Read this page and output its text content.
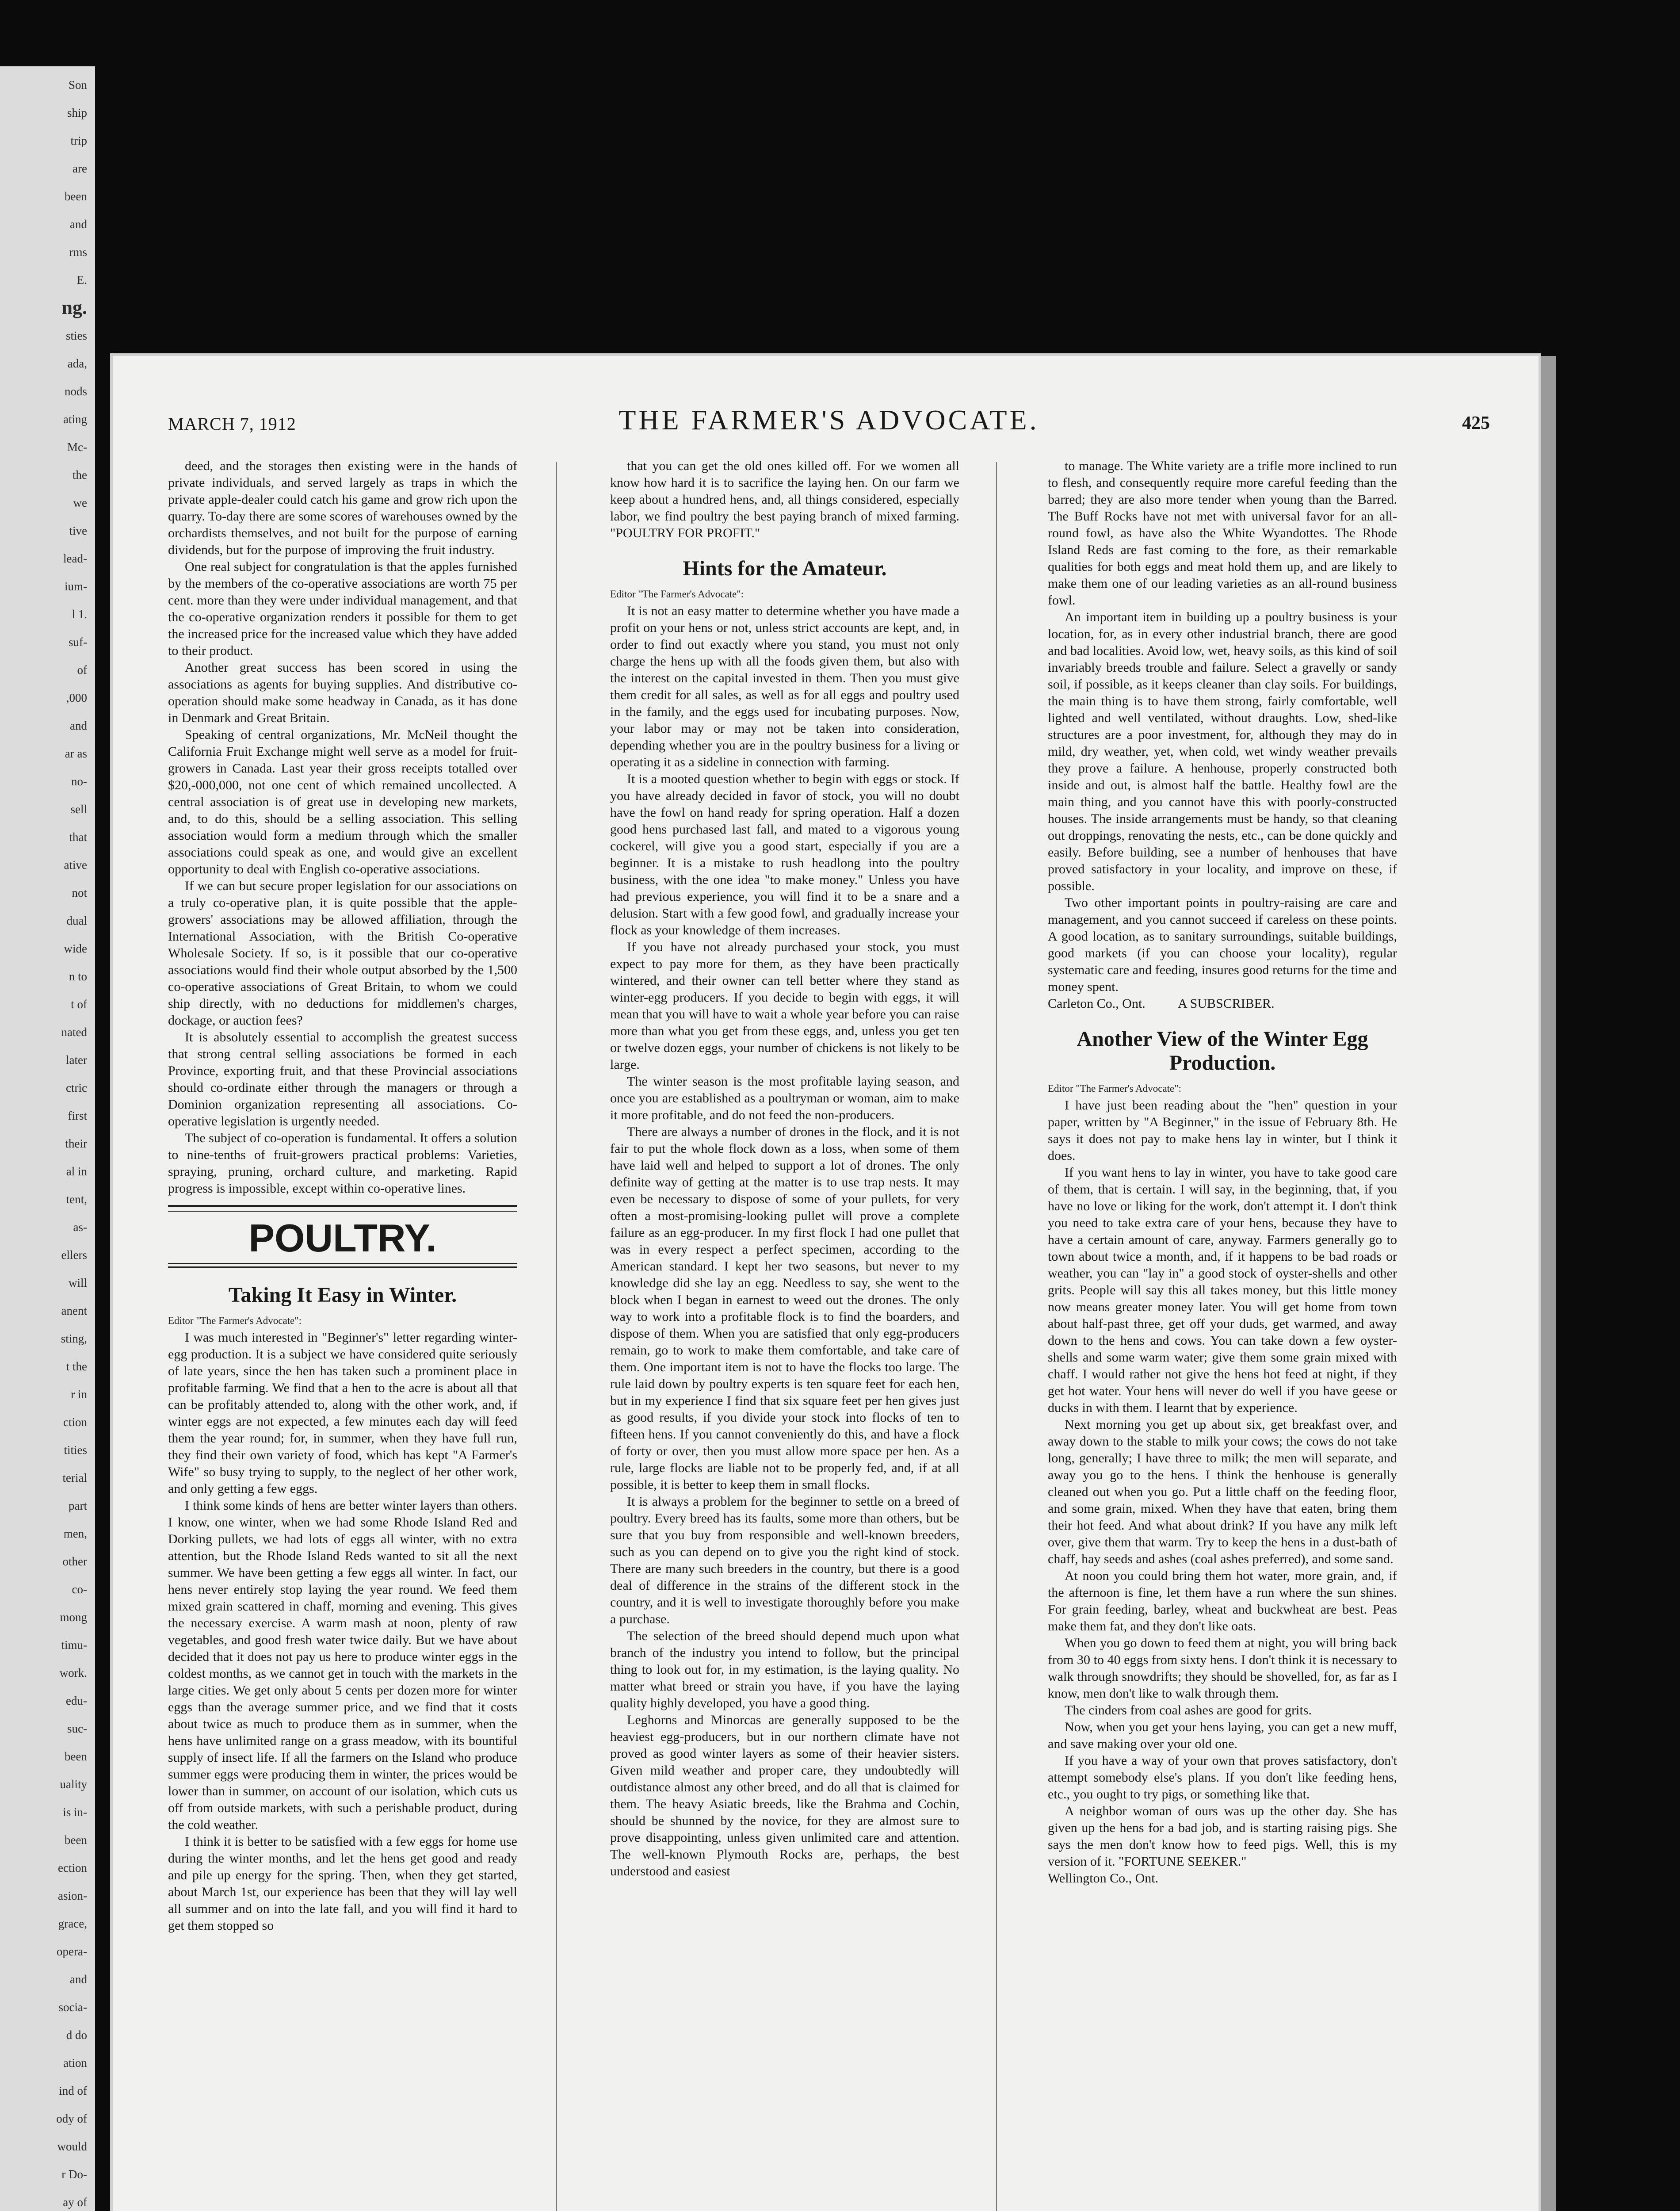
Son
ship
trip
are
been
and
rms
E.
ng.
sties
ada,
nods
ating
Mc-
the
we
tive
lead-
ium-
l 1.
suf-
of
,000
and
ar as
no-
sell
that
ative
not
dual
wide
n to
t of
nated
later
ctric
first
their
al in
tent,
as-
ellers
will
anent
sting,
t the
r in
ction
tities
terial
part
men,
other
co-
mong
timu-
work.
edu-
suc-
been
uality
is in-
been
ection
asion-
grace,
opera-
and
socia-
d do
ation
ind of
ody of
would
r Do-
ay of
MARCH 7, 1912	THE FARMER'S ADVOCATE.	425

deed, and the storages then existing were in the hands of private individuals, and served largely as traps in which the private apple-dealer could catch his game and grow rich upon the quarry. To-day there are some scores of warehouses owned by the orchardists themselves, and not built for the purpose of earning dividends, but for the purpose of improving the fruit industry.

One real subject for congratulation is that the apples furnished by the members of the co-operative associations are worth 75 per cent. more than they were under individual management, and that the co-operative organization renders it possible for them to get the increased price for the increased value which they have added to their product.

Another great success has been scored in using the associations as agents for buying supplies. And distributive co-operation should make some headway in Canada, as it has done in Denmark and Great Britain.

Speaking of central organizations, Mr. McNeil thought the California Fruit Exchange might well serve as a model for fruit-growers in Canada. Last year their gross receipts totalled over $20,-000,000, not one cent of which remained uncollected. A central association is of great use in developing new markets, and, to do this, should be a selling association. This selling association would form a medium through which the smaller associations could speak as one, and would give an excellent opportunity to deal with English co-operative associations.

If we can but secure proper legislation for our associations on a truly co-operative plan, it is quite possible that the apple-growers' associations may be allowed affiliation, through the International Association, with the British Co-operative Wholesale Society. If so, is it possible that our co-operative associations would find their whole output absorbed by the 1,500 co-operative associations of Great Britain, to whom we could ship directly, with no deductions for middlemen's charges, dockage, or auction fees?

It is absolutely essential to accomplish the greatest success that strong central selling associations be formed in each Province, exporting fruit, and that these Provincial associations should co-ordinate either through the managers or through a Dominion organization representing all associations. Co-operative legislation is urgently needed.

The subject of co-operation is fundamental. It offers a solution to nine-tenths of fruit-growers practical problems: Varieties, spraying, pruning, orchard culture, and marketing. Rapid progress is impossible, except within co-operative lines.

POULTRY.
Taking It Easy in Winter.

Editor "The Farmer's Advocate":

I was much interested in "Beginner's" letter regarding winter-egg production. It is a subject we have considered quite seriously of late years, since the hen has taken such a prominent place in profitable farming. We find that a hen to the acre is about all that can be profitably attended to, along with the other work, and, if winter eggs are not expected, a few minutes each day will feed them the year round; for, in summer, when they have full run, they find their own variety of food, which has kept "A Farmer's Wife" so busy trying to supply, to the neglect of her other work, and only getting a few eggs.

I think some kinds of hens are better winter layers than others. I know, one winter, when we had some Rhode Island Red and Dorking pullets, we had lots of eggs all winter, with no extra attention, but the Rhode Island Reds wanted to sit all the next summer. We have been getting a few eggs all winter. In fact, our hens never entirely stop laying the year round. We feed them mixed grain scattered in chaff, morning and evening. This gives the necessary exercise. A warm mash at noon, plenty of raw vegetables, and good fresh water twice daily. But we have about decided that it does not pay us here to produce winter eggs in the coldest months, as we cannot get in touch with the markets in the large cities. We get only about 5 cents per dozen more for winter eggs than the average summer price, and we find that it costs about twice as much to produce them as in summer, when the hens have unlimited range on a grass meadow, with its bountiful supply of insect life. If all the farmers on the Island who produce summer eggs were producing them in winter, the prices would be lower than in summer, on account of our isolation, which cuts us off from outside markets, with such a perishable product, during the cold weather.

I think it is better to be satisfied with a few eggs for home use during the winter months, and let the hens get good and ready and pile up energy for the spring. Then, when they get started, about March 1st, our experience has been that they will lay well all summer and on into the late fall, and you will find it hard to get them stopped so

that you can get the old ones killed off. For we women all know how hard it is to sacrifice the laying hen. On our farm we keep about a hundred hens, and, all things considered, especially labor, we find poultry the best paying branch of mixed farming. "POULTRY FOR PROFIT."

Hints for the Amateur.

Editor "The Farmer's Advocate":

It is not an easy matter to determine whether you have made a profit on your hens or not, unless strict accounts are kept, and, in order to find out exactly where you stand, you must not only charge the hens up with all the foods given them, but also with the interest on the capital invested in them. Then you must give them credit for all sales, as well as for all eggs and poultry used in the family, and the eggs used for incubating purposes. Now, your labor may or may not be taken into consideration, depending whether you are in the poultry business for a living or operating it as a sideline in connection with farming.

It is a mooted question whether to begin with eggs or stock. If you have already decided in favor of stock, you will no doubt have the fowl on hand ready for spring operation. Half a dozen good hens purchased last fall, and mated to a vigorous young cockerel, will give you a good start, especially if you are a beginner. It is a mistake to rush headlong into the poultry business, with the one idea "to make money." Unless you have had previous experience, you will find it to be a snare and a delusion. Start with a few good fowl, and gradually increase your flock as your knowledge of them increases.

If you have not already purchased your stock, you must expect to pay more for them, as they have been practically wintered, and their owner can tell better where they stand as winter-egg producers. If you decide to begin with eggs, it will mean that you will have to wait a whole year before you can raise more than what you get from these eggs, and, unless you get ten or twelve dozen eggs, your number of chickens is not likely to be large.

The winter season is the most profitable laying season, and once you are established as a poultryman or woman, aim to make it more profitable, and do not feed the non-producers.

There are always a number of drones in the flock, and it is not fair to put the whole flock down as a loss, when some of them have laid well and helped to support a lot of drones. The only definite way of getting at the matter is to use trap nests. It may even be necessary to dispose of some of your pullets, for very often a most-promising-looking pullet will prove a complete failure as an egg-producer. In my first flock I had one pullet that was in every respect a perfect specimen, according to the American standard. I kept her two seasons, but never to my knowledge did she lay an egg. Needless to say, she went to the block when I began in earnest to weed out the drones. The only way to work into a profitable flock is to find the boarders, and dispose of them. When you are satisfied that only egg-producers remain, go to work to make them comfortable, and take care of them. One important item is not to have the flocks too large. The rule laid down by poultry experts is ten square feet for each hen, but in my experience I find that six square feet per hen gives just as good results, if you divide your stock into flocks of ten to fifteen hens. If you cannot conveniently do this, and have a flock of forty or over, then you must allow more space per hen. As a rule, large flocks are liable not to be properly fed, and, if at all possible, it is better to keep them in small flocks.

It is always a problem for the beginner to settle on a breed of poultry. Every breed has its faults, some more than others, but be sure that you buy from responsible and well-known breeders, such as you can depend on to give you the right kind of stock. There are many such breeders in the country, but there is a good deal of difference in the strains of the different stock in the country, and it is well to investigate thoroughly before you make a purchase.

The selection of the breed should depend much upon what branch of the industry you intend to follow, but the principal thing to look out for, in my estimation, is the laying quality. No matter what breed or strain you have, if you have the laying quality highly developed, you have a good thing.

Leghorns and Minorcas are generally supposed to be the heaviest egg-producers, but in our northern climate have not proved as good winter layers as some of their heavier sisters. Given mild weather and proper care, they undoubtedly will outdistance almost any other breed, and do all that is claimed for them. The heavy Asiatic breeds, like the Brahma and Cochin, should be shunned by the novice, for they are almost sure to prove disappointing, unless given unlimited care and attention. The well-known Plymouth Rocks are, perhaps, the best understood and easiest

to manage. The White variety are a trifle more inclined to run to flesh, and consequently require more careful feeding than the barred; they are also more tender when young than the Barred. The Buff Rocks have not met with universal favor for an all-round fowl, as have also the White Wyandottes. The Rhode Island Reds are fast coming to the fore, as their remarkable qualities for both eggs and meat hold them up, and are likely to make them one of our leading varieties as an all-round business fowl.

An important item in building up a poultry business is your location, for, as in every other industrial branch, there are good and bad localities. Avoid low, wet, heavy soils, as this kind of soil invariably breeds trouble and failure. Select a gravelly or sandy soil, if possible, as it keeps cleaner than clay soils. For buildings, the main thing is to have them strong, fairly comfortable, well lighted and well ventilated, without draughts. Low, shed-like structures are a poor investment, for, although they may do in mild, dry weather, yet, when cold, wet windy weather prevails they prove a failure. A henhouse, properly constructed both inside and out, is almost half the battle. Healthy fowl are the main thing, and you cannot have this with poorly-constructed houses. The inside arrangements must be handy, so that cleaning out droppings, renovating the nests, etc., can be done quickly and easily. Before building, see a number of henhouses that have proved satisfactory in your locality, and improve on these, if possible.

Two other important points in poultry-raising are care and management, and you cannot succeed if careless on these points. A good location, as to sanitary surroundings, suitable buildings, good markets (if you can choose your locality), regular systematic care and feeding, insures good returns for the time and money spent.

Carleton Co., Ont.          A SUBSCRIBER.

Another View of the Winter Egg Production.

Editor "The Farmer's Advocate":

I have just been reading about the "hen" question in your paper, written by "A Beginner," in the issue of February 8th. He says it does not pay to make hens lay in winter, but I think it does.

If you want hens to lay in winter, you have to take good care of them, that is certain. I will say, in the beginning, that, if you have no love or liking for the work, don't attempt it. I don't think you need to take extra care of your hens, because they have to have a certain amount of care, anyway. Farmers generally go to town about twice a month, and, if it happens to be bad roads or weather, you can "lay in" a good stock of oyster-shells and other grits. People will say this all takes money, but this little money now means greater money later. You will get home from town about half-past three, get off your duds, get warmed, and away down to the hens and cows. You can take down a few oyster-shells and some warm water; give them some grain mixed with chaff. I would rather not give the hens hot feed at night, if they get hot water. Your hens will never do well if you have geese or ducks in with them. I learnt that by experience.

Next morning you get up about six, get breakfast over, and away down to the stable to milk your cows; the cows do not take long, generally; I have three to milk; the men will separate, and away you go to the hens. I think the henhouse is generally cleaned out when you go. Put a little chaff on the feeding floor, and some grain, mixed. When they have that eaten, bring them their hot feed. And what about drink? If you have any milk left over, give them that warm. Try to keep the hens in a dust-bath of chaff, hay seeds and ashes (coal ashes preferred), and some sand.

At noon you could bring them hot water, more grain, and, if the afternoon is fine, let them have a run where the sun shines. For grain feeding, barley, wheat and buckwheat are best. Peas make them fat, and they don't like oats.

When you go down to feed them at night, you will bring back from 30 to 40 eggs from sixty hens. I don't think it is necessary to walk through snowdrifts; they should be shovelled, for, as far as I know, men don't like to walk through them.

The cinders from coal ashes are good for grits.

Now, when you get your hens laying, you can get a new muff, and save making over your old one.

If you have a way of your own that proves satisfactory, don't attempt somebody else's plans. If you don't like feeding hens, etc., you ought to try pigs, or something like that.

A neighbor woman of ours was up the other day. She has given up the hens for a bad job, and is starting raising pigs. She says the men don't know how to feed pigs. Well, this is my version of it. "FORTUNE SEEKER."

Wellington Co., Ont.
